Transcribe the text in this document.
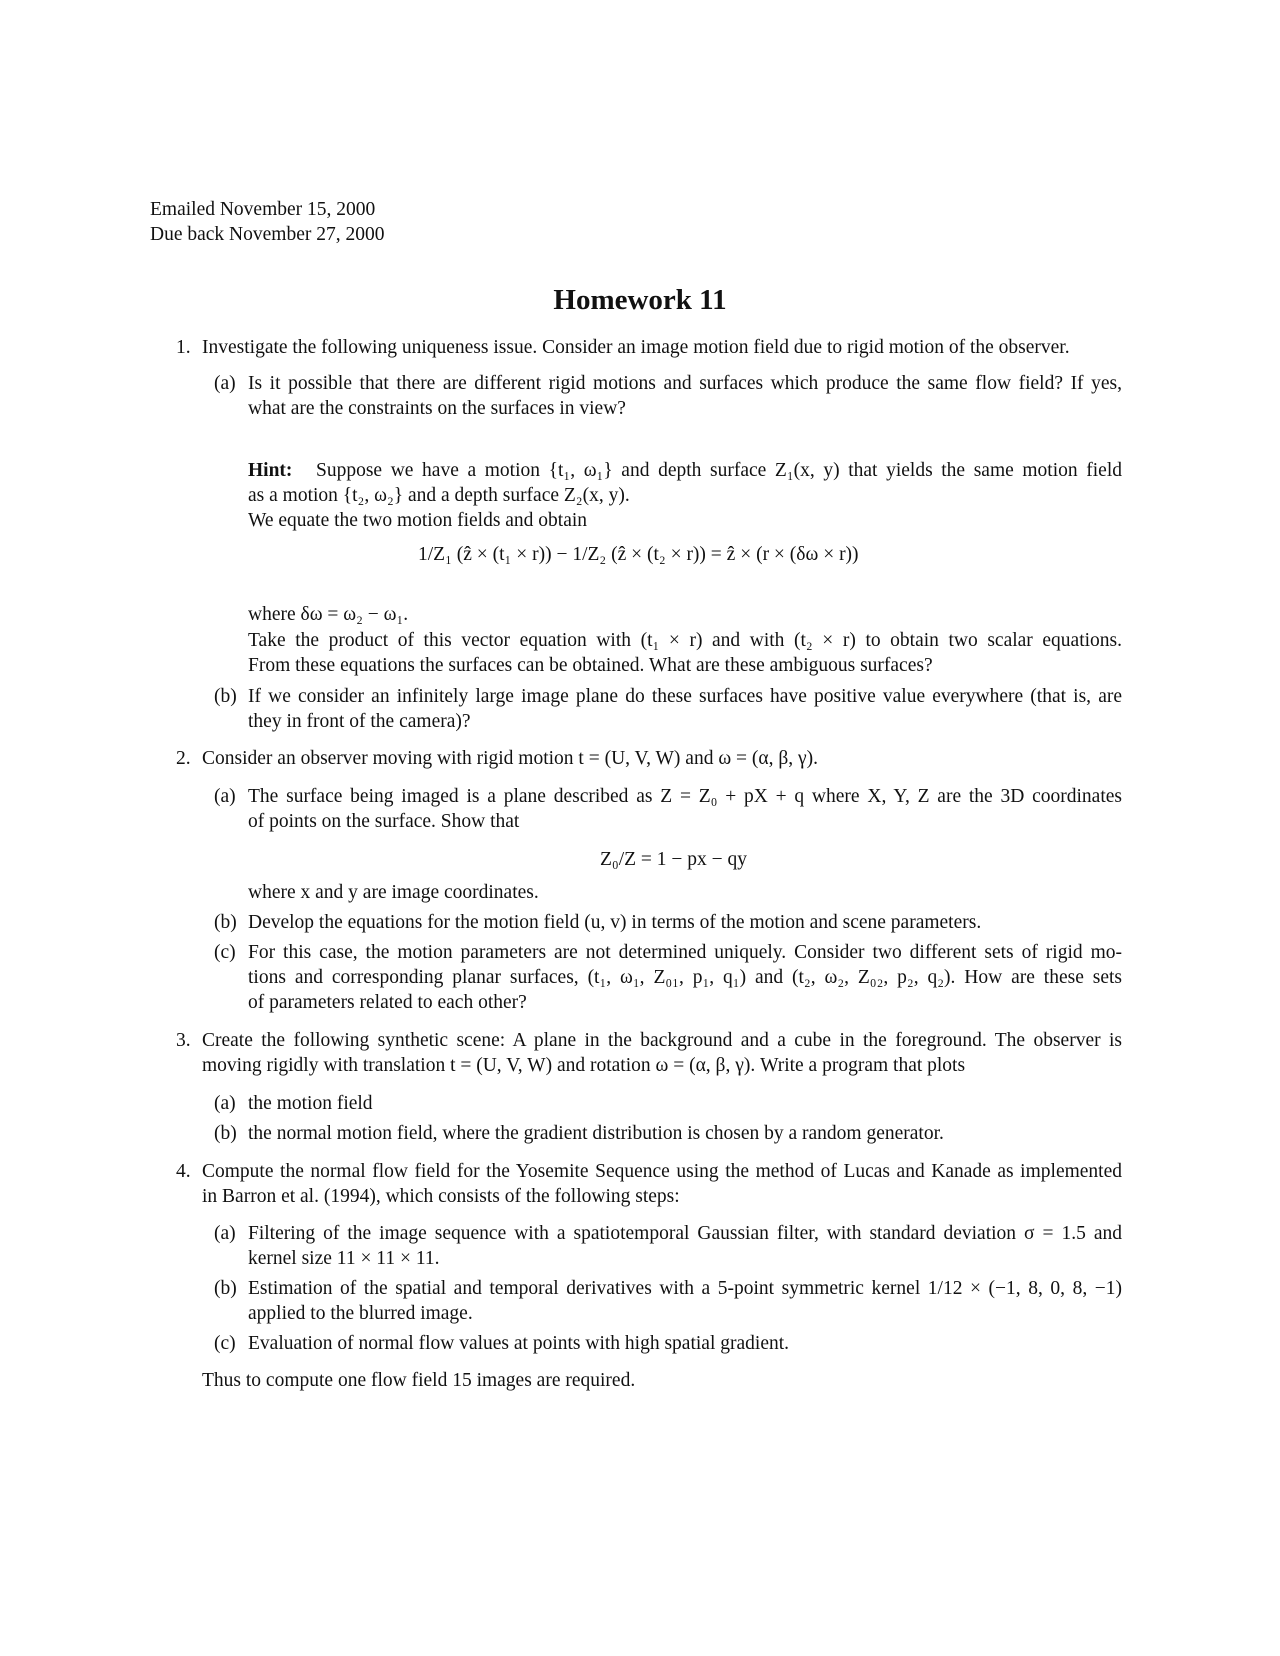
Emailed November 15, 2000
Due back November 27, 2000
Homework 11
1. Investigate the following uniqueness issue. Consider an image motion field due to rigid motion of the observer.
(a) Is it possible that there are different rigid motions and surfaces which produce the same flow field? If yes,
what are the constraints on the surfaces in view?
Hint: Suppose we have a motion {t₁, ω₁} and depth surface Z₁(x, y) that yields the same motion field
as a motion {t₂, ω₂} and a depth surface Z₂(x, y).
We equate the two motion fields and obtain
1/Z₁ (ẑ × (t₁ × r)) − 1/Z₂ (ẑ × (t₂ × r)) = ẑ × (r × (δω × r))
where δω = ω₂ − ω₁.
Take the product of this vector equation with (t₁ × r) and with (t₂ × r) to obtain two scalar equations.
From these equations the surfaces can be obtained. What are these ambiguous surfaces?
(b) If we consider an infinitely large image plane do these surfaces have positive value everywhere (that is, are
they in front of the camera)?
2. Consider an observer moving with rigid motion t = (U, V, W) and ω = (α, β, γ).
(a) The surface being imaged is a plane described as Z = Z₀ + pX + q where X, Y, Z are the 3D coordinates
of points on the surface. Show that
Z₀/Z = 1 − px − qy
where x and y are image coordinates.
(b) Develop the equations for the motion field (u, v) in terms of the motion and scene parameters.
(c) For this case, the motion parameters are not determined uniquely. Consider two different sets of rigid mo-
tions and corresponding planar surfaces, (t₁, ω₁, Z₀₁, p₁, q₁) and (t₂, ω₂, Z₀₂, p₂, q₂). How are these sets
of parameters related to each other?
3. Create the following synthetic scene: A plane in the background and a cube in the foreground. The observer is
moving rigidly with translation t = (U, V, W) and rotation ω = (α, β, γ). Write a program that plots
(a) the motion field
(b) the normal motion field, where the gradient distribution is chosen by a random generator.
4. Compute the normal flow field for the Yosemite Sequence using the method of Lucas and Kanade as implemented
in Barron et al. (1994), which consists of the following steps:
(a) Filtering of the image sequence with a spatiotemporal Gaussian filter, with standard deviation σ = 1.5 and
kernel size 11 × 11 × 11.
(b) Estimation of the spatial and temporal derivatives with a 5-point symmetric kernel 1/12 × (−1, 8, 0, 8, −1)
applied to the blurred image.
(c) Evaluation of normal flow values at points with high spatial gradient.
Thus to compute one flow field 15 images are required.
